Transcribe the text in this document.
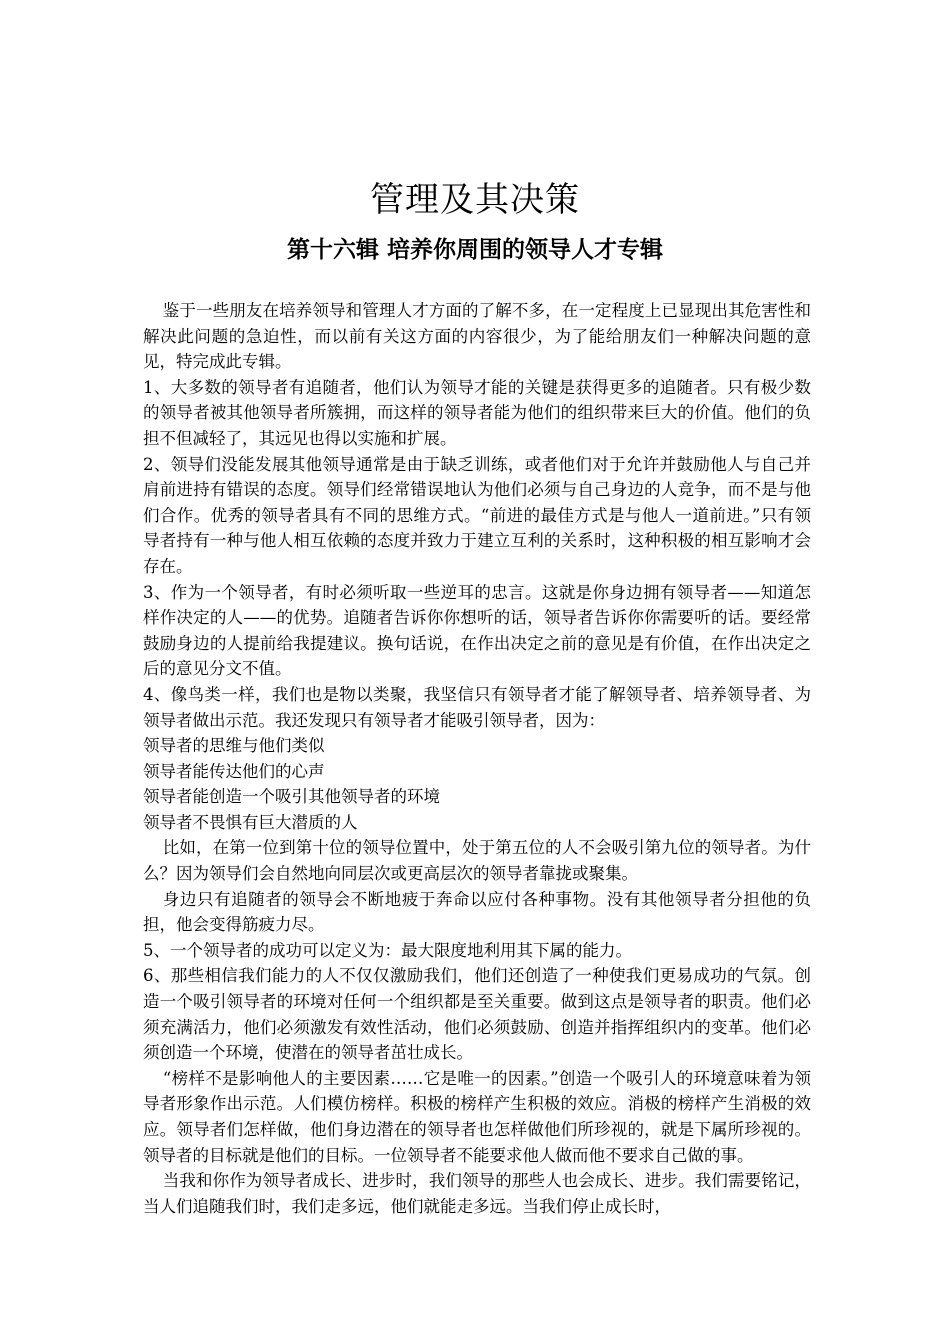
管理及其决策
第十六辑 培养你周围的领导人才专辑

鉴于一些朋友在培养领导和管理人才方面的了解不多，在一定程度上已显现出其危害性和解决此问题的急迫性，而以前有关这方面的内容很少，为了能给朋友们一种解决问题的意见，特完成此专辑。

1、大多数的领导者有追随者，他们认为领导才能的关键是获得更多的追随者。只有极少数的领导者被其他领导者所簇拥，而这样的领导者能为他们的组织带来巨大的价值。他们的负担不但减轻了，其远见也得以实施和扩展。

2、领导们没能发展其他领导通常是由于缺乏训练，或者他们对于允许并鼓励他人与自己并肩前进持有错误的态度。领导们经常错误地认为他们必须与自己身边的人竞争，而不是与他们合作。优秀的领导者具有不同的思维方式。“前进的最佳方式是与他人一道前进。”只有领导者持有一种与他人相互依赖的态度并致力于建立互利的关系时，这种积极的相互影响才会存在。

3、作为一个领导者，有时必须听取一些逆耳的忠言。这就是你身边拥有领导者——知道怎样作决定的人——的优势。追随者告诉你你想听的话，领导者告诉你你需要听的话。要经常鼓励身边的人提前给我提建议。换句话说，在作出决定之前的意见是有价值，在作出决定之后的意见分文不值。

4、像鸟类一样，我们也是物以类聚，我坚信只有领导者才能了解领导者、培养领导者、为领导者做出示范。我还发现只有领导者才能吸引领导者，因为：

领导者的思维与他们类似

领导者能传达他们的心声

领导者能创造一个吸引其他领导者的环境

领导者不畏惧有巨大潜质的人

比如，在第一位到第十位的领导位置中，处于第五位的人不会吸引第九位的领导者。为什么？因为领导们会自然地向同层次或更高层次的领导者靠拢或聚集。

身边只有追随者的领导会不断地疲于奔命以应付各种事物。没有其他领导者分担他的负担，他会变得筋疲力尽。

5、一个领导者的成功可以定义为：最大限度地利用其下属的能力。

6、那些相信我们能力的人不仅仅激励我们，他们还创造了一种使我们更易成功的气氛。创造一个吸引领导者的环境对任何一个组织都是至关重要。做到这点是领导者的职责。他们必须充满活力，他们必须激发有效性活动，他们必须鼓励、创造并指挥组织内的变革。他们必须创造一个环境，使潜在的领导者茁壮成长。

“榜样不是影响他人的主要因素……它是唯一的因素。”创造一个吸引人的环境意味着为领导者形象作出示范。人们模仿榜样。积极的榜样产生积极的效应。消极的榜样产生消极的效应。领导者们怎样做，他们身边潜在的领导者也怎样做他们所珍视的，就是下属所珍视的。领导者的目标就是他们的目标。一位领导者不能要求他人做而他不要求自己做的事。

当我和你作为领导者成长、进步时，我们领导的那些人也会成长、进步。我们需要铭记，当人们追随我们时，我们走多远，他们就能走多远。当我们停止成长时，
